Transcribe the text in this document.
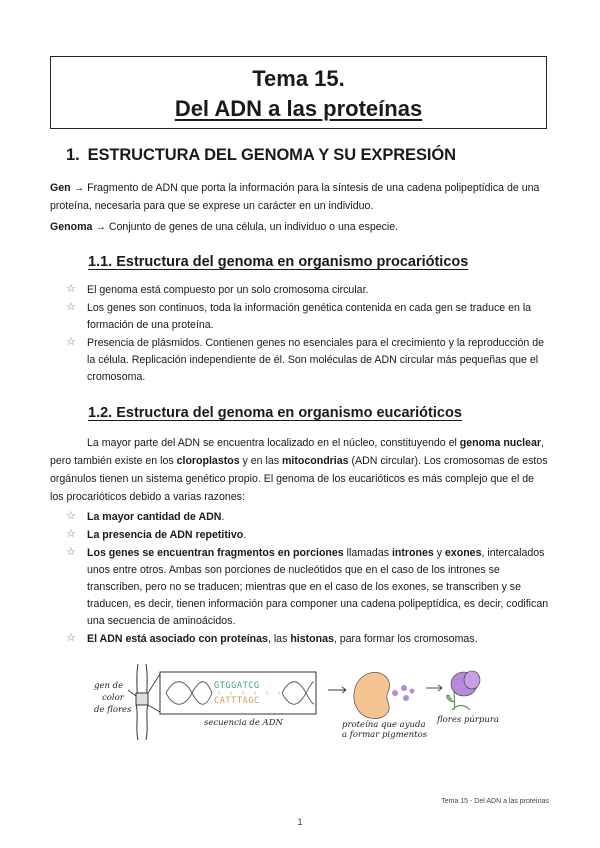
Tema 15.
Del ADN a las proteínas
1. ESTRUCTURA DEL GENOMA Y SU EXPRESIÓN
Gen → Fragmento de ADN que porta la información para la síntesis de una cadena polipeptídica de una proteína, necesaria para que se exprese un carácter en un individuo.
Genoma → Conjunto de genes de una célula, un individuo o una especie.
1.1. Estructura del genoma en organismo procarióticos
☆ El genoma está compuesto por un solo cromosoma circular.
☆ Los genes son continuos, toda la información genética contenida en cada gen se traduce en la formación de una proteína.
☆ Presencia de plásmidos. Contienen genes no esenciales para el crecimiento y la reproducción de la célula. Replicación independiente de él. Son moléculas de ADN circular más pequeñas que el cromosoma.
1.2. Estructura del genoma en organismo eucarióticos
La mayor parte del ADN se encuentra localizado en el núcleo, constituyendo el genoma nuclear, pero también existe en los cloroplastos y en las mitocondrias (ADN circular). Los cromosomas de estos orgánulos tienen un sistema genético propio. El genoma de los eucarióticos es más complejo que el de los procarióticos debido a varias razones:
☆ La mayor cantidad de ADN.
☆ La presencia de ADN repetitivo.
☆ Los genes se encuentran fragmentos en porciones llamadas intrones y exones, intercalados unos entre otros. Ambas son porciones de nucleótidos que en el caso de los intrones se transcriben, pero no se traducen; mientras que en el caso de los exones, se transcriben y se traducen, es decir, tienen información para componer una cadena polipeptídica, es decir, codifican una secuencia de aminoácidos.
☆ El ADN está asociado con proteínas, las histonas, para formar los cromosomas.
gen de
color
de flores
GTGGATCG
CATTTAGC
secuencia de ADN	proteína que ayuda
a formar pigmentos
flores púrpura
Tema 15 - Del ADN a las proteínas
1
